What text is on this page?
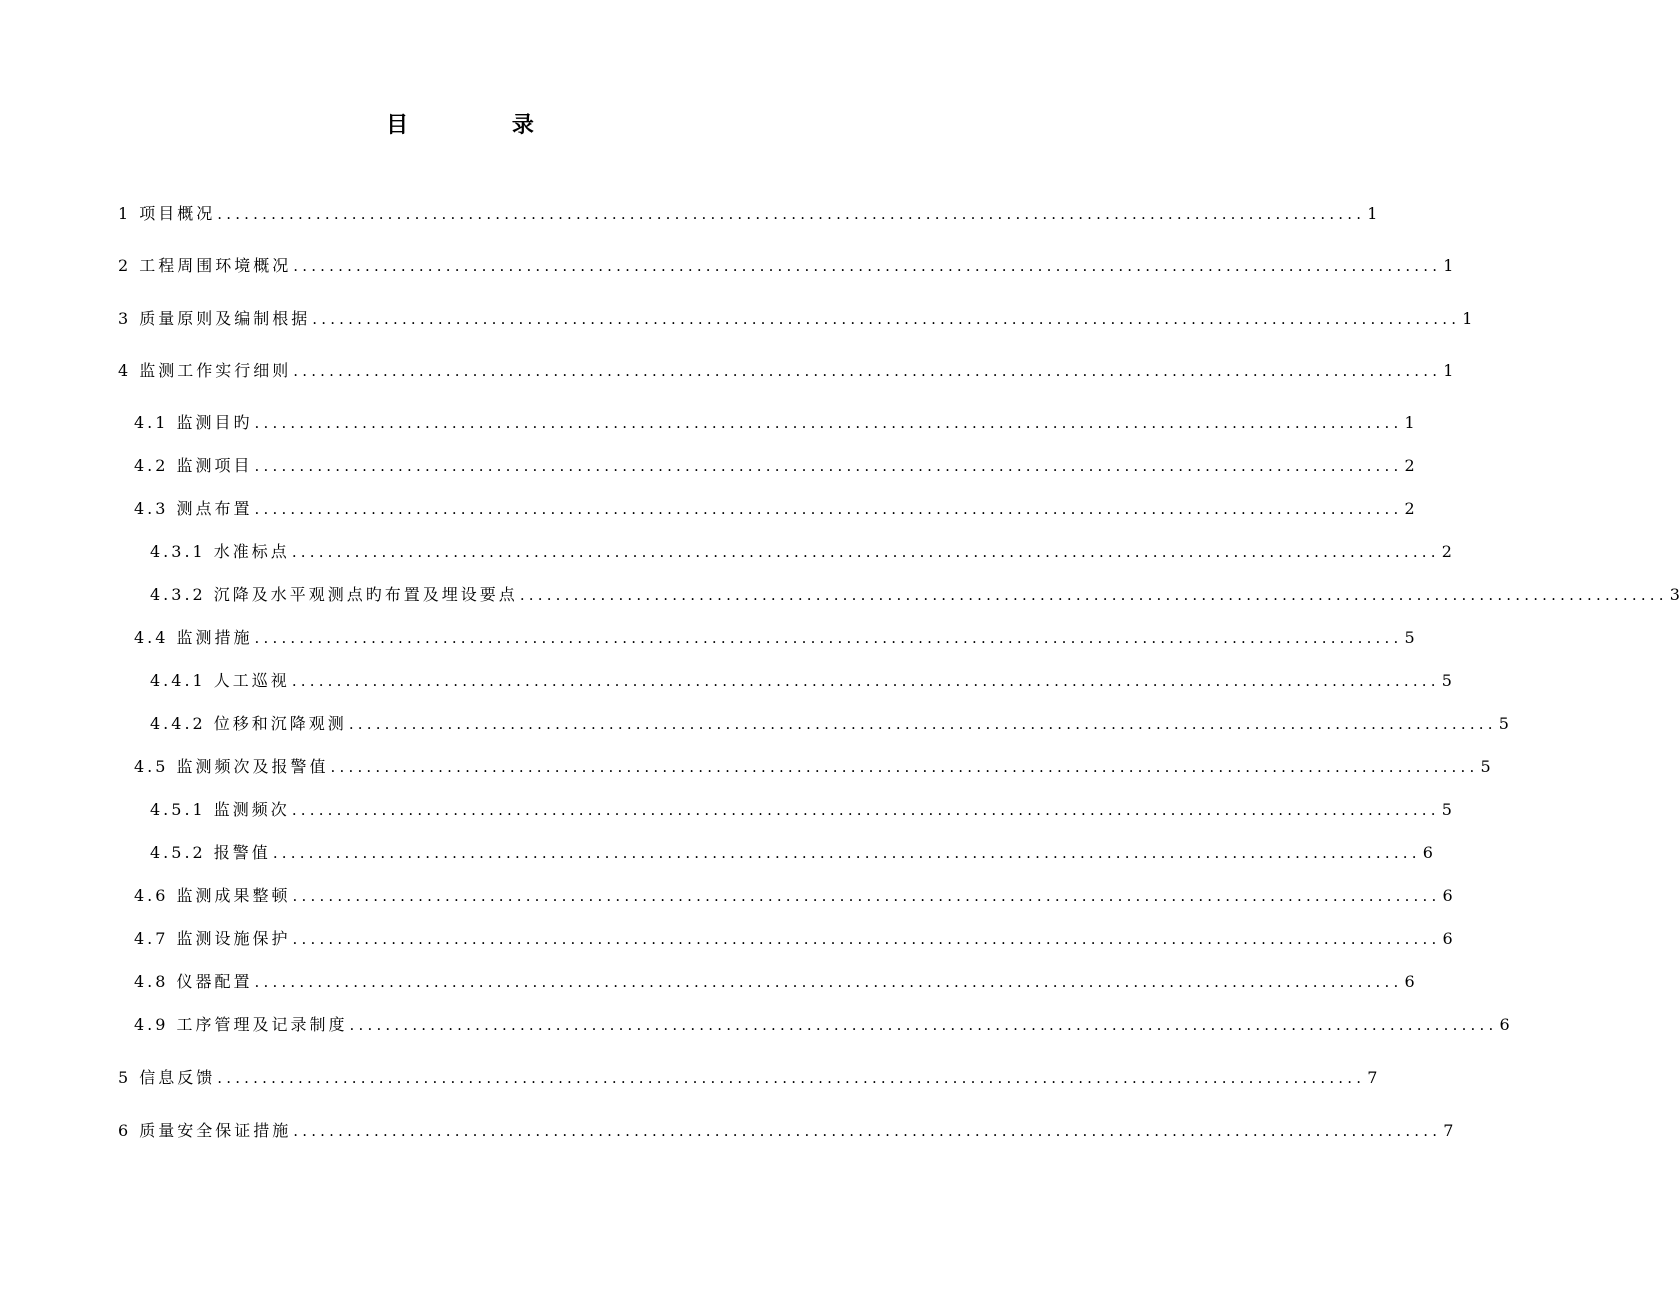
目 录
1 项目概况 ................................................................................................................................ 1
2 工程周围环境概况 ................................................................................................................................ 1
3 质量原则及编制根据 ................................................................................................................................ 1
4 监测工作实行细则 ................................................................................................................................ 1
4.1 监测目旳 ................................................................................................................................ 1
4.2 监测项目 ................................................................................................................................ 2
4.3 测点布置 ................................................................................................................................ 2
4.3.1 水准标点 ................................................................................................................................ 2
4.3.2 沉降及水平观测点旳布置及埋设要点 ................................................................................................................................ 3
4.4 监测措施 ................................................................................................................................ 5
4.4.1 人工巡视 ................................................................................................................................ 5
4.4.2 位移和沉降观测 ................................................................................................................................ 5
4.5 监测频次及报警值 ................................................................................................................................ 5
4.5.1 监测频次 ................................................................................................................................ 5
4.5.2 报警值 ................................................................................................................................ 6
4.6 监测成果整顿 ................................................................................................................................ 6
4.7 监测设施保护 ................................................................................................................................ 6
4.8 仪器配置 ................................................................................................................................ 6
4.9 工序管理及记录制度 ................................................................................................................................ 6
5 信息反馈 ................................................................................................................................ 7
6 质量安全保证措施 ................................................................................................................................ 7
